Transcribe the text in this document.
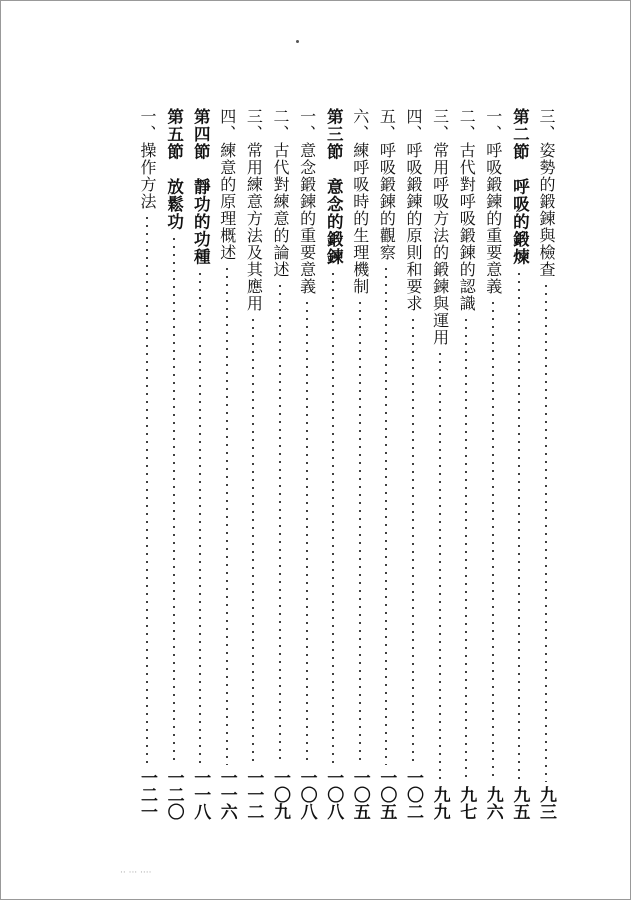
三、姿勢的鍛鍊與檢查
九三
第二節　呼吸的鍛煉
九五
一、呼吸鍛鍊的重要意義
九六
二、古代對呼吸鍛鍊的認識
九七
三、常用呼吸方法的鍛鍊與運用
九九
四、呼吸鍛鍊的原則和要求
一〇二
五、呼吸鍛鍊的觀察
一〇五
六、練呼吸時的生理機制
一〇五
第三節　意念的鍛鍊
一〇八
一、意念鍛鍊的重要意義
一〇八
二、古代對練意的論述
一〇九
三、常用練意方法及其應用
一一二
四、練意的原理概述
一一六
第四節　靜功的功種
一一八
第五節　放鬆功
一二〇
一、操作方法
一二一
·· ··· ····
